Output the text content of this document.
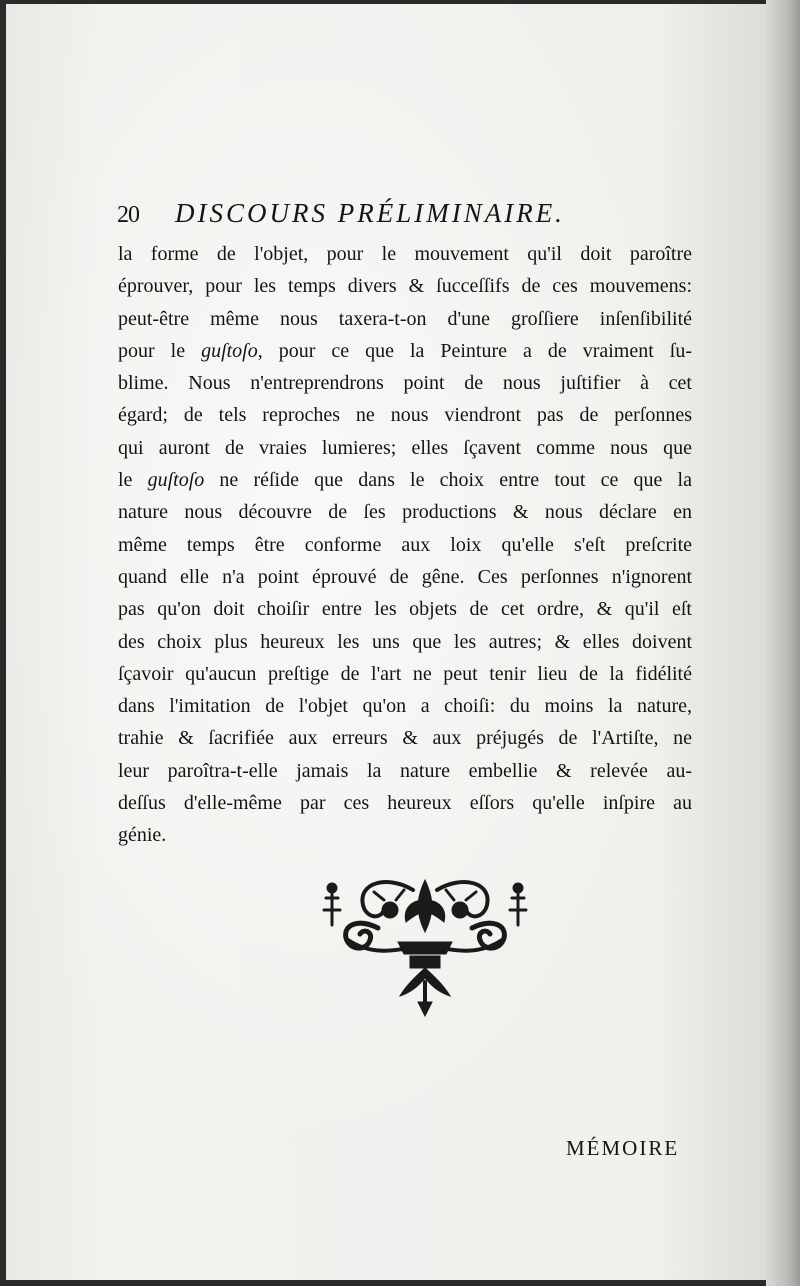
⠀
20 DISCOURS PRÉLIMINAIRE.
la forme de l'objet, pour le mouvement qu'il doit paroître
éprouver, pour les temps divers & ſucceſſifs de ces mouvemens:
peut-être même nous taxera-t-on d'une groſſiere inſenſibilité
pour le guſtoſo, pour ce que la Peinture a de vraiment ſu-
blime. Nous n'entreprendrons point de nous juſtifier à cet
égard; de tels reproches ne nous viendront pas de perſonnes
qui auront de vraies lumieres; elles ſçavent comme nous que
le guſtoſo ne réſide que dans le choix entre tout ce que la
nature nous découvre de ſes productions & nous déclare en
même temps être conforme aux loix qu'elle s'eſt preſcrite
quand elle n'a point éprouvé de gêne. Ces perſonnes n'ignorent
pas qu'on doit choiſir entre les objets de cet ordre, & qu'il eſt
des choix plus heureux les uns que les autres; & elles doivent
ſçavoir qu'aucun preſtige de l'art ne peut tenir lieu de la fidélité
dans l'imitation de l'objet qu'on a choiſi: du moins la nature,
trahie & ſacrifiée aux erreurs & aux préjugés de l'Artiſte, ne
leur paroîtra-t-elle jamais la nature embellie & relevée au-
deſſus d'elle-même par ces heureux eſſors qu'elle inſpire au
génie.
MÉMOIRE
